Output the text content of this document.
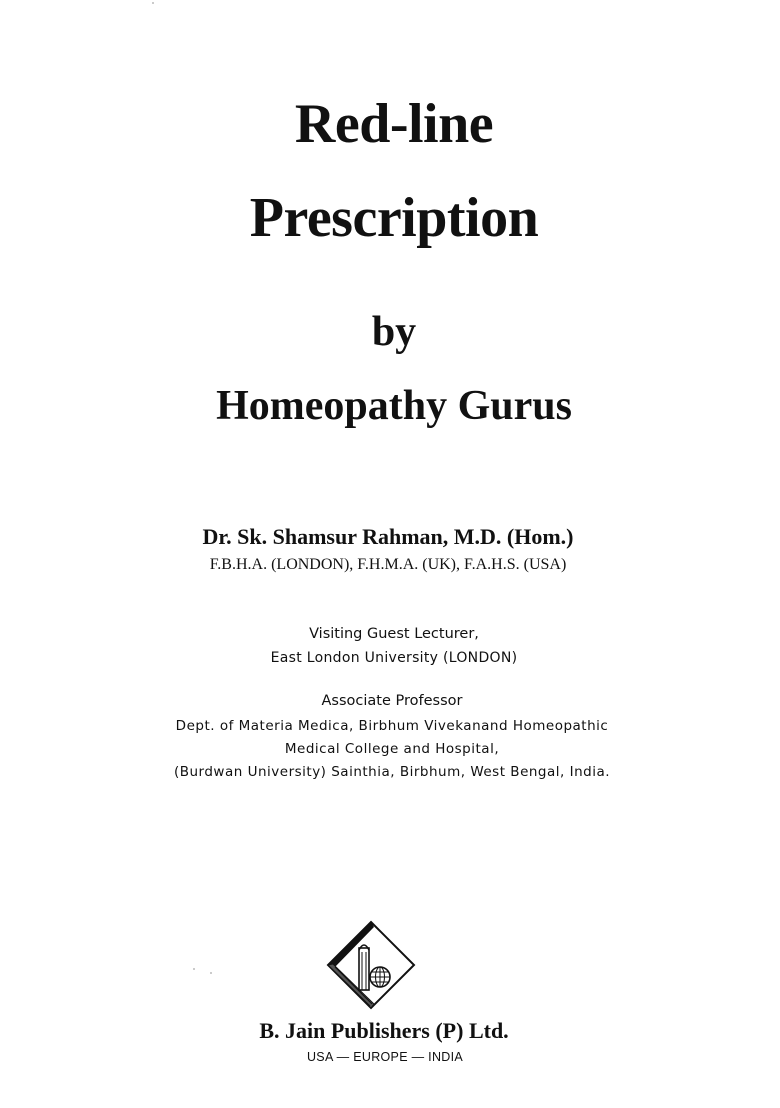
Red-line
Prescription
by
Homeopathy Gurus
Dr. Sk. Shamsur Rahman, M.D. (Hom.)
F.B.H.A. (LONDON), F.H.M.A. (UK), F.A.H.S. (USA)
Visiting Guest Lecturer,
East London University (LONDON)
Associate Professor
Dept. of Materia Medica, Birbhum Vivekanand Homeopathic
Medical College and Hospital,
(Burdwan University) Sainthia, Birbhum, West Bengal, India.
B. Jain Publishers (P) Ltd.
USA — EUROPE — INDIA
